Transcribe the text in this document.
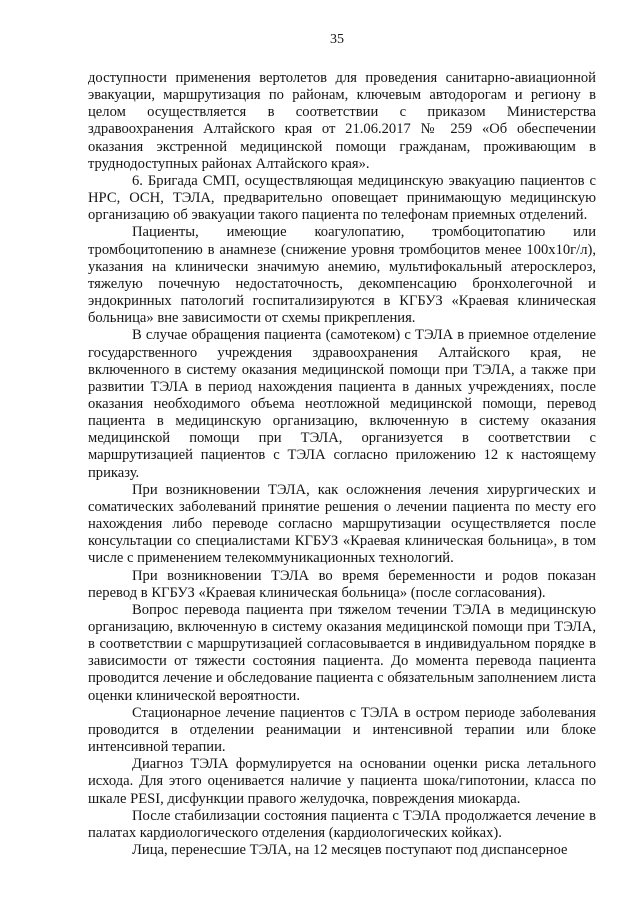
35

доступности применения вертолетов для проведения санитарно-авиационной эвакуации, маршрутизация по районам, ключевым автодорогам и региону в целом осуществляется в соответствии с приказом Министерства здравоохранения Алтайского края от 21.06.2017 № 259 «Об обеспечении оказания экстренной медицинской помощи гражданам, проживающим в труднодоступных районах Алтайского края».

6. Бригада СМП, осуществляющая медицинскую эвакуацию пациентов с НРС, ОСН, ТЭЛА, предварительно оповещает принимающую медицинскую организацию об эвакуации такого пациента по телефонам приемных отделений.

Пациенты, имеющие коагулопатию, тромбоцитопатию или тромбоцитопению в анамнезе (снижение уровня тромбоцитов менее 100x10г/л), указания на клинически значимую анемию, мультифокальный атеросклероз, тяжелую почечную недостаточность, декомпенсацию бронхолегочной и эндокринных патологий госпитализируются в КГБУЗ «Краевая клиническая больница» вне зависимости от схемы прикрепления.

В случае обращения пациента (самотеком) с ТЭЛА в приемное отделение государственного учреждения здравоохранения Алтайского края, не включенного в систему оказания медицинской помощи при ТЭЛА, а также при развитии ТЭЛА в период нахождения пациента в данных учреждениях, после оказания необходимого объема неотложной медицинской помощи, перевод пациента в медицинскую организацию, включенную в систему оказания медицинской помощи при ТЭЛА, организуется в соответствии с маршрутизацией пациентов с ТЭЛА согласно приложению 12 к настоящему приказу.

При возникновении ТЭЛА, как осложнения лечения хирургических и соматических заболеваний принятие решения о лечении пациента по месту его нахождения либо переводе согласно маршрутизации осуществляется после консультации со специалистами КГБУЗ «Краевая клиническая больница», в том числе с применением телекоммуникационных технологий.

При возникновении ТЭЛА во время беременности и родов показан перевод в КГБУЗ «Краевая клиническая больница» (после согласования).

Вопрос перевода пациента при тяжелом течении ТЭЛА в медицинскую организацию, включенную в систему оказания медицинской помощи при ТЭЛА, в соответствии с маршрутизацией согласовывается в индивидуальном порядке в зависимости от тяжести состояния пациента. До момента перевода пациента проводится лечение и обследование пациента с обязательным заполнением листа оценки клинической вероятности.

Стационарное лечение пациентов с ТЭЛА в остром периоде заболевания проводится в отделении реанимации и интенсивной терапии или блоке интенсивной терапии.

Диагноз ТЭЛА формулируется на основании оценки риска летального исхода. Для этого оценивается наличие у пациента шока/гипотонии, класса по шкале PESI, дисфункции правого желудочка, повреждения миокарда.

После стабилизации состояния пациента с ТЭЛА продолжается лечение в палатах кардиологического отделения (кардиологических койках).

Лица, перенесшие ТЭЛА, на 12 месяцев поступают под диспансерное
